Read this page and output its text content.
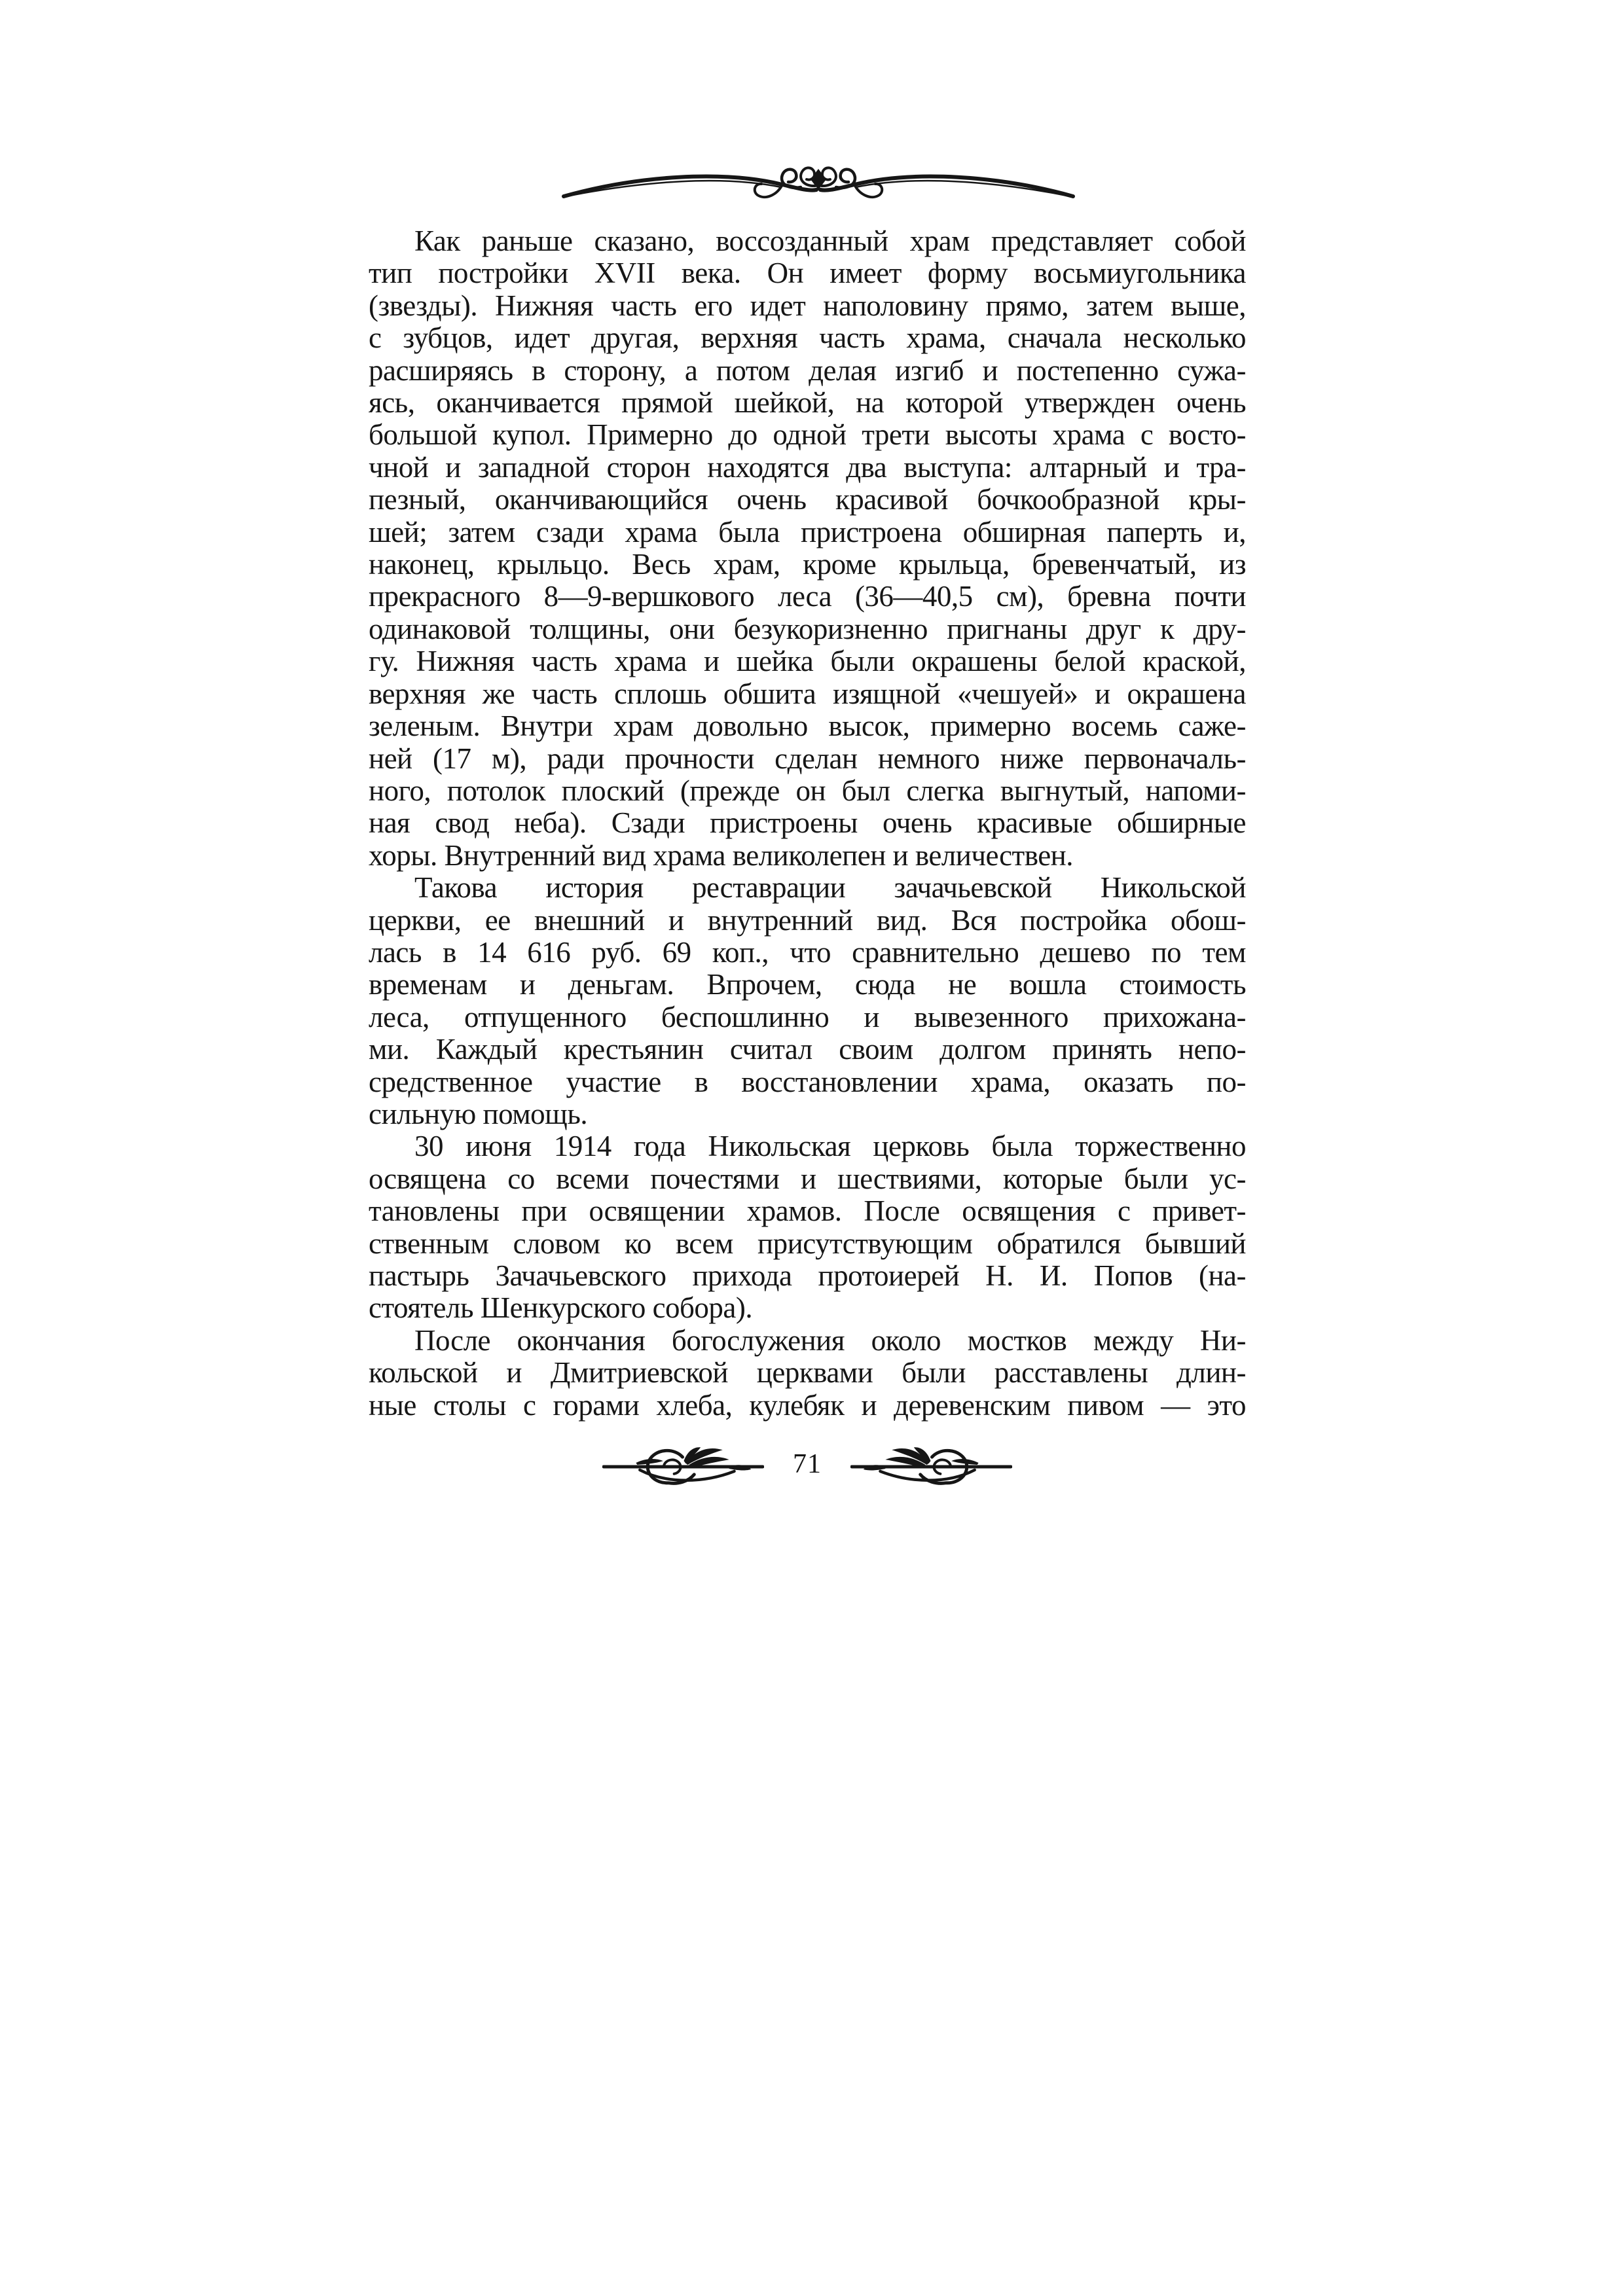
Как раньше сказано, воссозданный храм представляет собой
тип постройки XVII века. Он имеет форму восьмиугольника
(звезды). Нижняя часть его идет наполовину прямо, затем выше,
с зубцов, идет другая, верхняя часть храма, сначала несколько
расширяясь в сторону, а потом делая изгиб и постепенно сужа-
ясь, оканчивается прямой шейкой, на которой утвержден очень
большой купол. Примерно до одной трети высоты храма с восто-
чной и западной сторон находятся два выступа: алтарный и тра-
пезный, оканчивающийся очень красивой бочкообразной кры-
шей; затем сзади храма была пристроена обширная паперть и,
наконец, крыльцо. Весь храм, кроме крыльца, бревенчатый, из
прекрасного 8—9-вершкового леса (36—40,5 см), бревна почти
одинаковой толщины, они безукоризненно пригнаны друг к дру-
гу. Нижняя часть храма и шейка были окрашены белой краской,
верхняя же часть сплошь обшита изящной «чешуей» и окрашена
зеленым. Внутри храм довольно высок, примерно восемь саже-
ней (17 м), ради прочности сделан немного ниже первоначаль-
ного, потолок плоский (прежде он был слегка выгнутый, напоми-
ная свод неба). Сзади пристроены очень красивые обширные
хоры. Внутренний вид храма великолепен и величествен.
Такова история реставрации зачачьевской Никольской
церкви, ее внешний и внутренний вид. Вся постройка обош-
лась в 14 616 руб. 69 коп., что сравнительно дешево по тем
временам и деньгам. Впрочем, сюда не вошла стоимость
леса, отпущенного беспошлинно и вывезенного прихожана-
ми. Каждый крестьянин считал своим долгом принять непо-
средственное участие в восстановлении храма, оказать по-
сильную помощь.
30 июня 1914 года Никольская церковь была торжественно
освящена со всеми почестями и шествиями, которые были ус-
тановлены при освящении храмов. После освящения с привет-
ственным словом ко всем присутствующим обратился бывший
пастырь Зачачьевского прихода протоиерей Н. И. Попов (на-
стоятель Шенкурского собора).
После окончания богослужения около мостков между Ни-
кольской и Дмитриевской церквами были расставлены длин-
ные столы с горами хлеба, кулебяк и деревенским пивом — это
71
